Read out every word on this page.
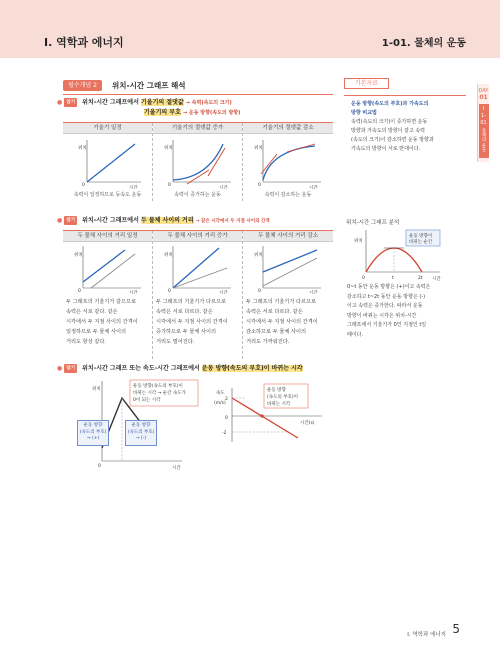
I. 역학과 에너지	1-01. 물체의 운동
DAY
01
I
1-01
물체의 운동
필수개념 2	위치-시간 그래프 해석
● 암기 위치-시간 그래프에서 기울기의 절댓값 → 속력(속도의 크기)
기울기의 부호 → 운동 방향(속도의 방향)
기울기 일정
0
위치
시간
속력이 일정하므로 등속도 운동
기울기의 절댓값 증가
0
위치
시간
속력이 증가하는 운동
기울기의 절댓값 감소
0
위치
시간
속력이 감소하는 운동
● 암기 위치-시간 그래프에서 두 물체 사이의 거리 → 같은 시각에서 두 지점 사이의 간격
두 물체 사이의 거리 일정
0
위치
시간
두 그래프의 기울기가 같으므로
속력은 서로 같다. 같은
시각에서 두 지점 사이의 간격이
일정하므로 두 물체 사이의
거리도 항상 같다.
두 물체 사이의 거리 증가
0
위치
시간
두 그래프의 기울기가 다르므로
속력은 서로 다르다. 같은
시각에서 두 지점 사이의 간격이
증가하므로 두 물체 사이의
거리도 멀어진다.
두 물체 사이의 거리 감소
0
위치
시간
두 그래프의 기울기가 다르므로
속력은 서로 다르다. 같은
시각에서 두 지점 사이의 간격이
감소하므로 두 물체 사이의
거리도 가까워진다.
● 암기 위치-시간 그래프 또는 속도-시간 그래프에서 운동 방향(속도의 부호)이 바뀌는 시각
위치
시간
0
운동 방향(속도의 부호)이
바뀌는 시각 → 순간 속도가
0이 되는 시각
운동 방향
(속도의 부호)
→ (+)
운동 방향
(속도의 부호)
→ (-)
속도
(m/s)
2
0
-2
시간(s)
운동 방향
(속도의 부호)이
바뀌는 시각
기본자료
운동 방향(속도의 부호)과 가속도의
방향 비교법
속력(속도의 크기)이 증가하면 운동
방향과 가속도의 방향이 같고 속력
(속도의 크기)이 감소하면 운동 방향과
가속도의 방향이 서로 반대이다.
위치-시간 그래프 분석
운동 방향이
바뀌는 순간
위치
시간
0	t	2t
0~t 동안 운동 방향은 (+)이고 속력은
감소하고 t~2t 동안 운동 방향은 (-)
이고 속력은 증가한다. 따라서 운동
방향이 바뀌는 시각은 위치-시간
그래프에서 기울기가 0인 지점인 t일
때이다.
I. 역학과 에너지 5
